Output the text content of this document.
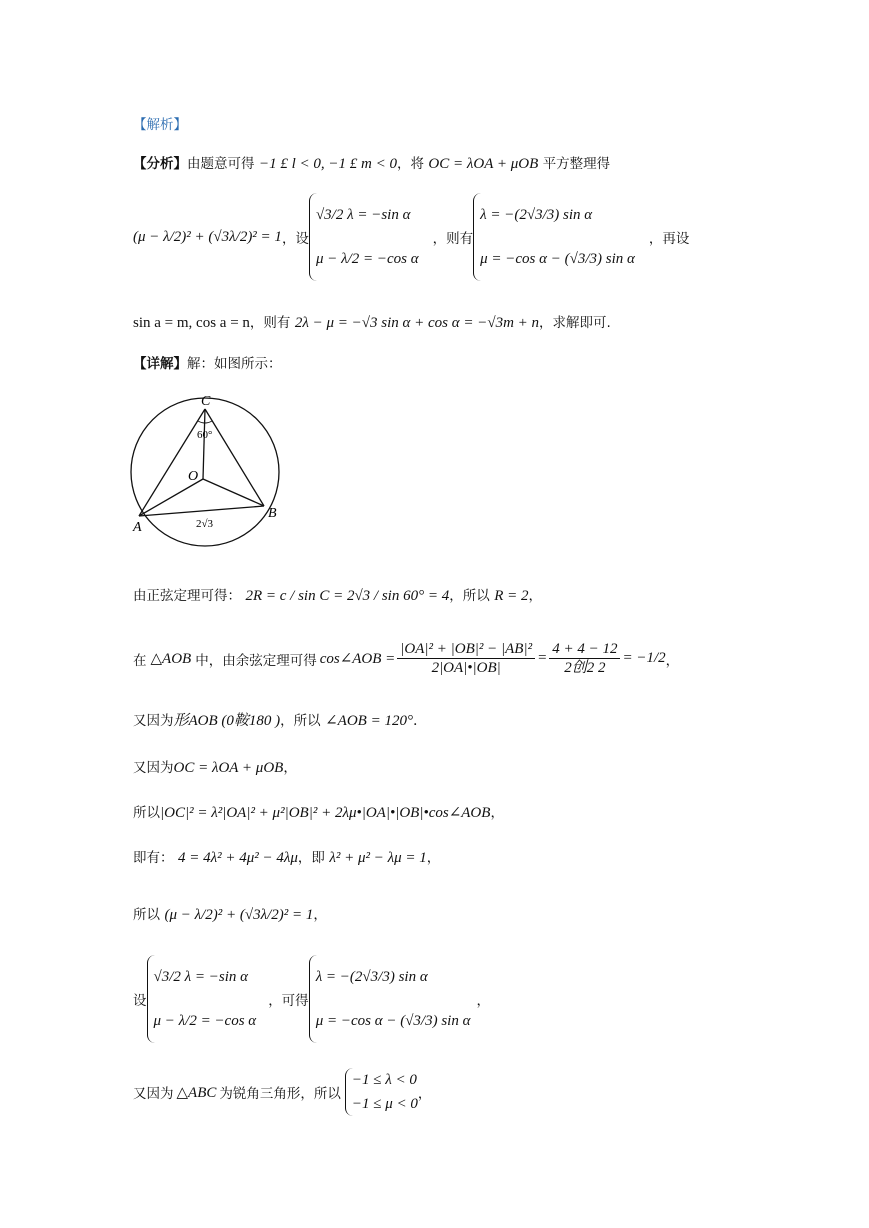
【解析】
【分析】由题意可得 −1 £ l < 0, −1 £ m < 0，将 OC = λOA + μOB 平方整理得
(μ − λ/2)² + (√3λ/2)² = 1 ，设
√3/2 λ = −sin α
μ − λ/2 = −cos α
，则有
λ = −(2√3/3) sin α
μ = −cos α − (√3/3) sin α
，再设
sin a = m, cos a = n，则有 2λ − μ = −√3 sin α + cos α = −√3m + n，求解即可.
【详解】解：如图所示：
C
O
A
B
60°
2√3
由正弦定理可得： 2R = c / sin C = 2√3 / sin 60° = 4，所以 R = 2，
在 △AOB 中，由余弦定理可得 cos∠AOB = $\frac{\text{|OA|² + |OB|² − |AB|²}}{2|OA|•|OB|} = \frac{4 + 4 - 12}{\text{2创2 2}} = -1/2$ ，
又因为形AOB (0鞍180 )，所以 ∠AOB = 120°.
又因为OC = λOA + μOB，
所以|OC|² = λ²|OA|² + μ²|OB|² + 2λμ•|OA|•|OB|•cos∠AOB，
即有： 4 = 4λ² + 4μ² − 4λμ，即 λ² + μ² − λμ = 1，
所以 (μ − λ/2)² + (√3λ/2)² = 1，
设
√3/2 λ = −sin α
μ − λ/2 = −cos α
，可得
λ = −(2√3/3) sin α
μ = −cos α − (√3/3) sin α
，
又因为 △ABC 为锐角三角形，所以
−1 ≤ λ < 0
−1 ≤ μ < 0
，
